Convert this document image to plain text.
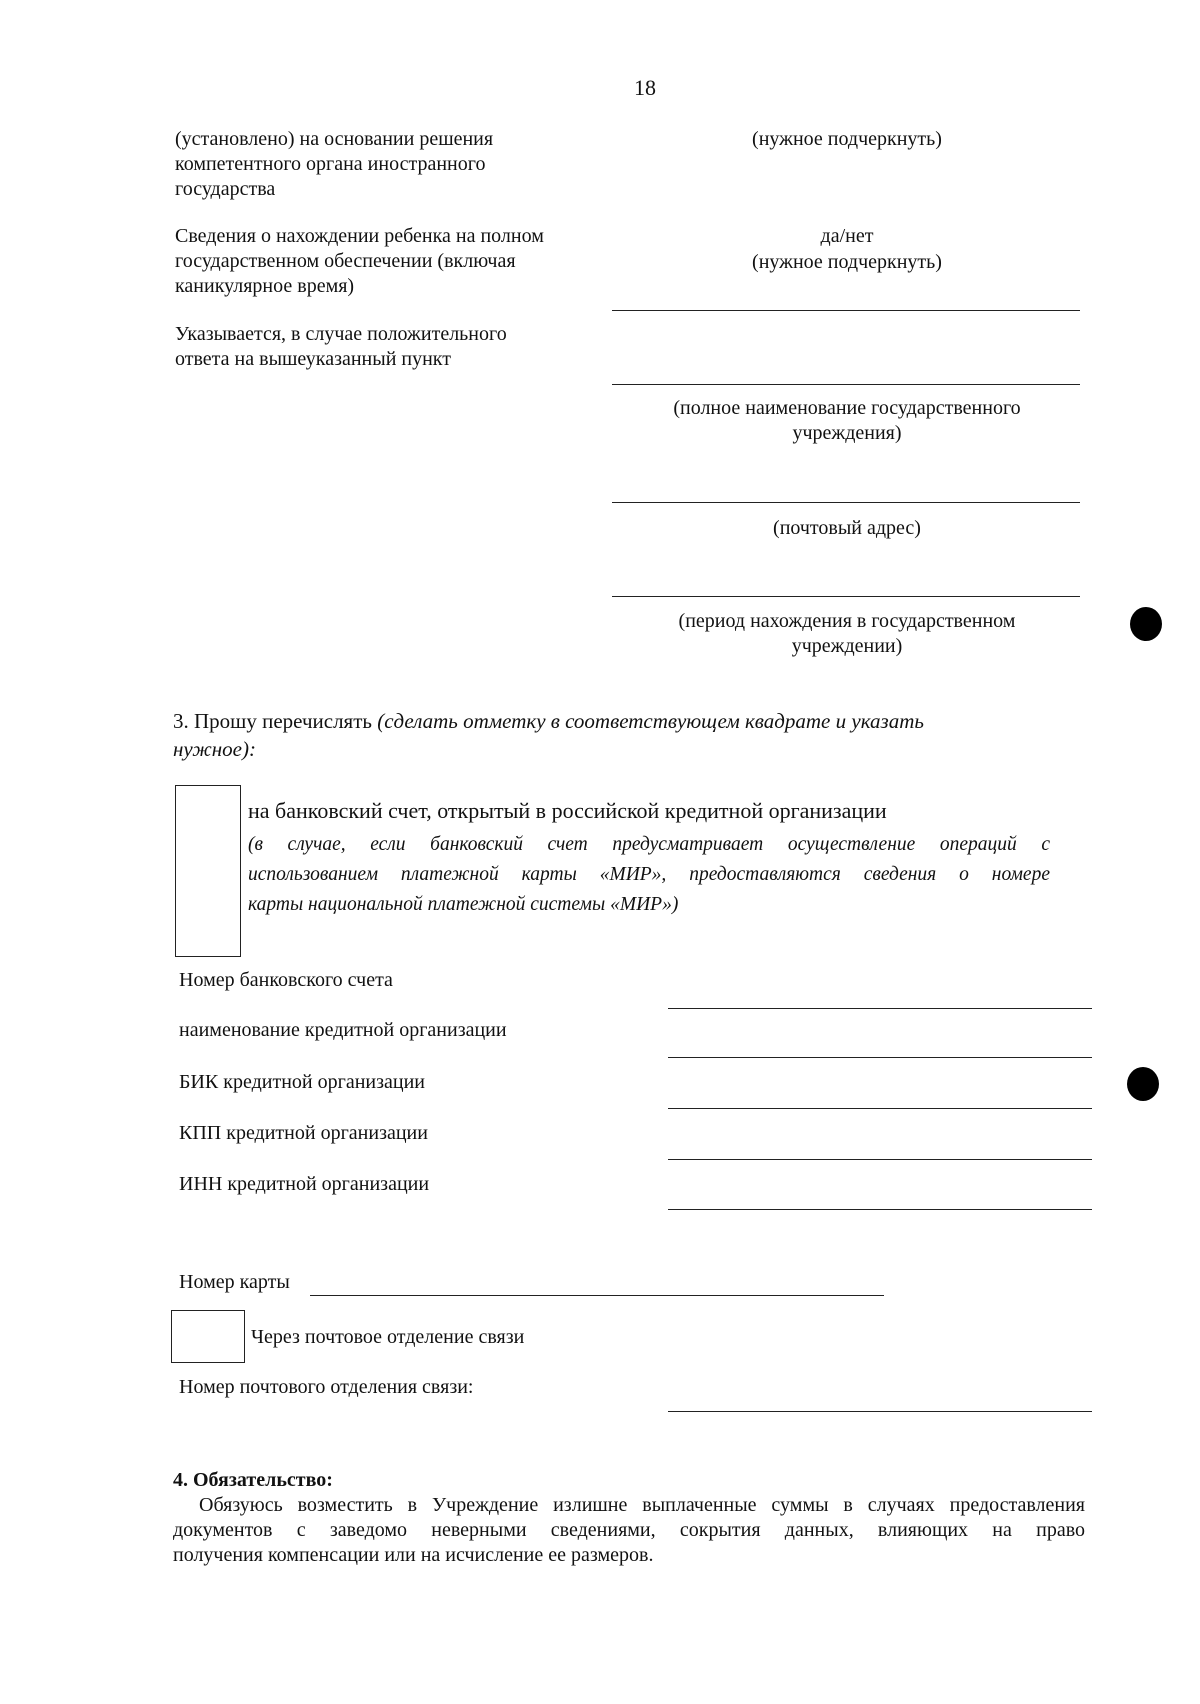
18
(установлено) на основании решения
компетентного органа иностранного
государства
(нужное подчеркнуть)
Сведения о нахождении ребенка на полном
государственном обеспечении (включая
каникулярное время)
да/нет
(нужное подчеркнуть)
Указывается, в случае положительного
ответа на вышеуказанный пункт
(полное наименование государственного
учреждения)
(почтовый адрес)
(период нахождения в государственном
учреждении)
3. Прошу перечислять (сделать отметку в соответствующем квадрате и указать
нужное):
на банковский счет, открытый в российской кредитной организации
(в случае, если банковский счет предусматривает осуществление операций с
использованием платежной карты «МИР», предоставляются сведения о номере
карты национальной платежной системы «МИР»)
Номер банковского счета
наименование кредитной организации
БИК кредитной организации
КПП кредитной организации
ИНН кредитной организации
Номер карты
Через почтовое отделение связи
Номер почтового отделения связи:
4. Обязательство:
Обязуюсь возместить в Учреждение излишне выплаченные суммы в случаях предоставления
документов с заведомо неверными сведениями, сокрытия данных, влияющих на право
получения компенсации или на исчисление ее размеров.
